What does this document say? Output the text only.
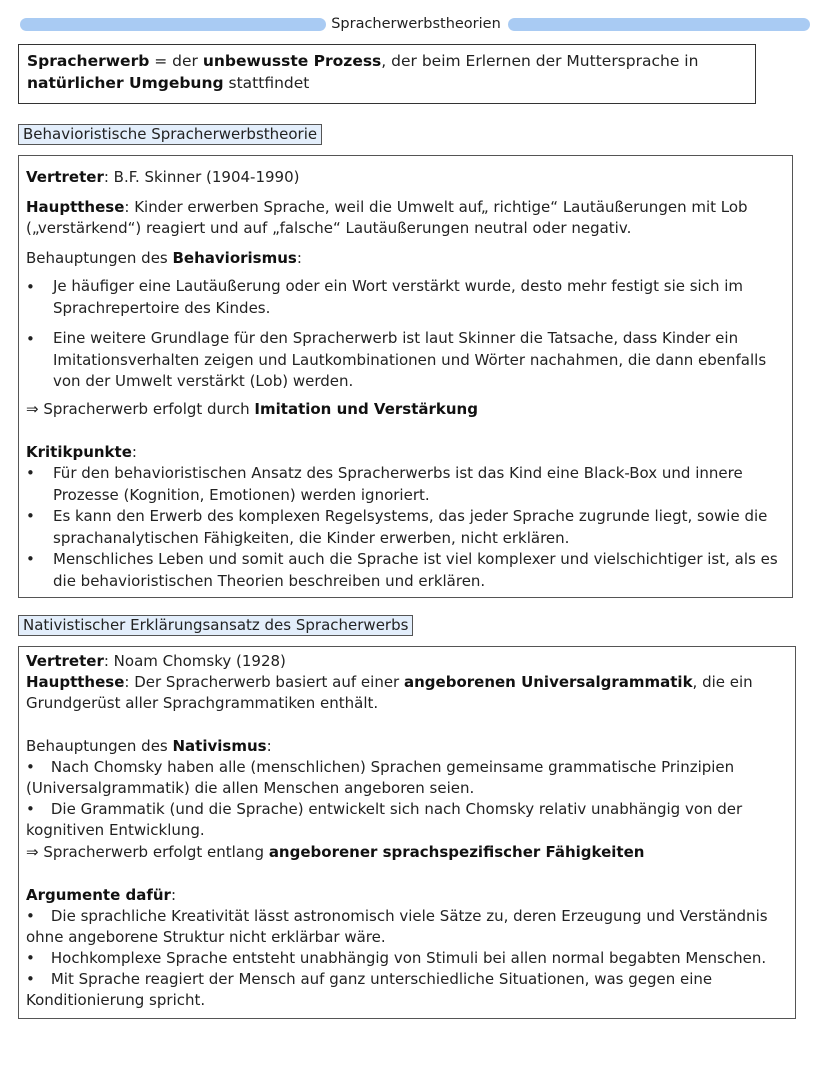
Spracherwerbstheorien
Spracherwerb = der unbewusste Prozess, der beim Erlernen der Muttersprache in natürlicher Umgebung stattfindet
Behavioristische Spracherwerbstheorie
Vertreter: B.F. Skinner (1904-1990)
Hauptthese: Kinder erwerben Sprache, weil die Umwelt auf„ richtige“ Lautäußerungen mit Lob
(„verstärkend“) reagiert und auf „falsche“ Lautäußerungen neutral oder negativ.
Behauptungen des Behaviorismus:
• Je häufiger eine Lautäußerung oder ein Wort verstärkt wurde, desto mehr festigt sie sich im Sprachrepertoire des Kindes.
• Eine weitere Grundlage für den Spracherwerb ist laut Skinner die Tatsache, dass Kinder ein Imitationsverhalten zeigen und Lautkombinationen und Wörter nachahmen, die dann ebenfalls von der Umwelt verstärkt (Lob) werden.
⇒ Spracherwerb erfolgt durch Imitation und Verstärkung
Kritikpunkte:
• Für den behavioristischen Ansatz des Spracherwerbs ist das Kind eine Black-Box und innere Prozesse (Kognition, Emotionen) werden ignoriert.
• Es kann den Erwerb des komplexen Regelsystems, das jeder Sprache zugrunde liegt, sowie die sprachanalytischen Fähigkeiten, die Kinder erwerben, nicht erklären.
• Menschliches Leben und somit auch die Sprache ist viel komplexer und vielschichtiger ist, als es die behavioristischen Theorien beschreiben und erklären.
Nativistischer Erklärungsansatz des Spracherwerbs
Vertreter: Noam Chomsky (1928)
Hauptthese: Der Spracherwerb basiert auf einer angeborenen Universalgrammatik, die ein
Grundgerüst aller Sprachgrammatiken enthält.
Behauptungen des Nativismus:
• Nach Chomsky haben alle (menschlichen) Sprachen gemeinsame grammatische Prinzipien
(Universalgrammatik) die allen Menschen angeboren seien.
• Die Grammatik (und die Sprache) entwickelt sich nach Chomsky relativ unabhängig von der
kognitiven Entwicklung.
⇒ Spracherwerb erfolgt entlang angeborener sprachspezifischer Fähigkeiten
Argumente dafür:
• Die sprachliche Kreativität lässt astronomisch viele Sätze zu, deren Erzeugung und Verständnis
ohne angeborene Struktur nicht erklärbar wäre.
• Hochkomplexe Sprache entsteht unabhängig von Stimuli bei allen normal begabten Menschen.
• Mit Sprache reagiert der Mensch auf ganz unterschiedliche Situationen, was gegen eine
Konditionierung spricht.
